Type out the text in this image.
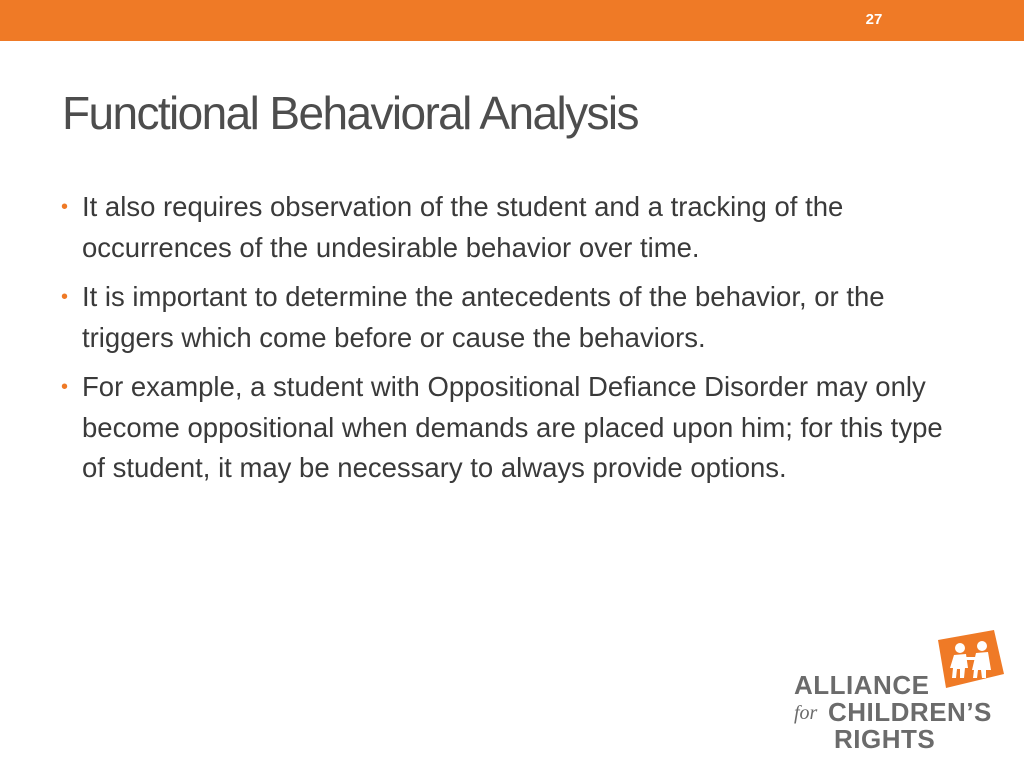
27
Functional Behavioral Analysis
• It also requires observation of the student and a tracking of the occurrences of the undesirable behavior over time.
• It is important to determine the antecedents of the behavior, or the triggers which come before or cause the behaviors.
• For example, a student with Oppositional Defiance Disorder may only become oppositional when demands are placed upon him; for this type of student, it may be necessary to always provide options.
ALLIANCE
for CHILDREN’S
RIGHTS
